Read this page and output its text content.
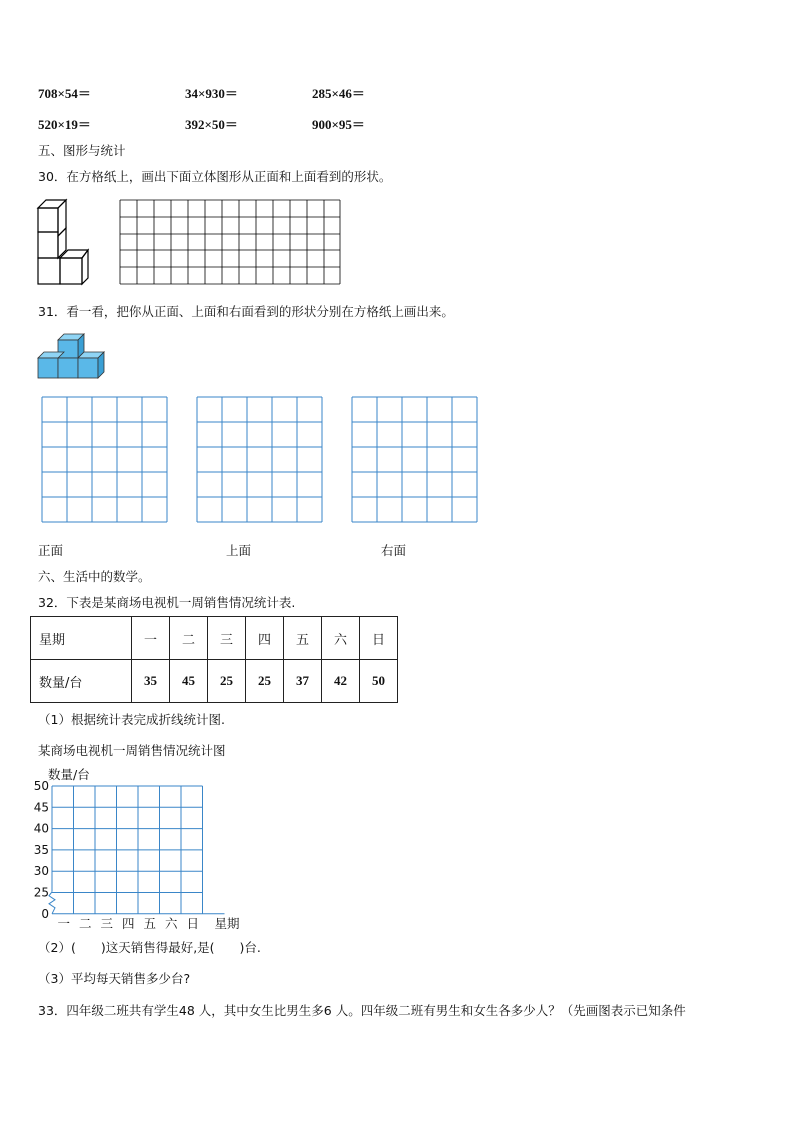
708×54＝	34×930＝	285×46＝
520×19＝	392×50＝	900×95＝
五、图形与统计
30．在方格纸上，画出下面立体图形从正面和上面看到的形状。
31．看一看，把你从正面、上面和右面看到的形状分别在方格纸上画出来。
正面	上面	右面
六、生活中的数学。
32．下表是某商场电视机一周销售情况统计表.
星期	一	二	三	四	五	六	日
数量/台	35	45	25	25	37	42	50
（1）根据统计表完成折线统计图.
某商场电视机一周销售情况统计图
数量/台
0
25
30
35
40
45
50
一 二 三 四 五 六 日 星期
（2）(　　)这天销售得最好,是(　　)台.
（3）平均每天销售多少台?
33．四年级二班共有学生48 人，其中女生比男生多6 人。四年级二班有男生和女生各多少人？（先画图表示已知条件
